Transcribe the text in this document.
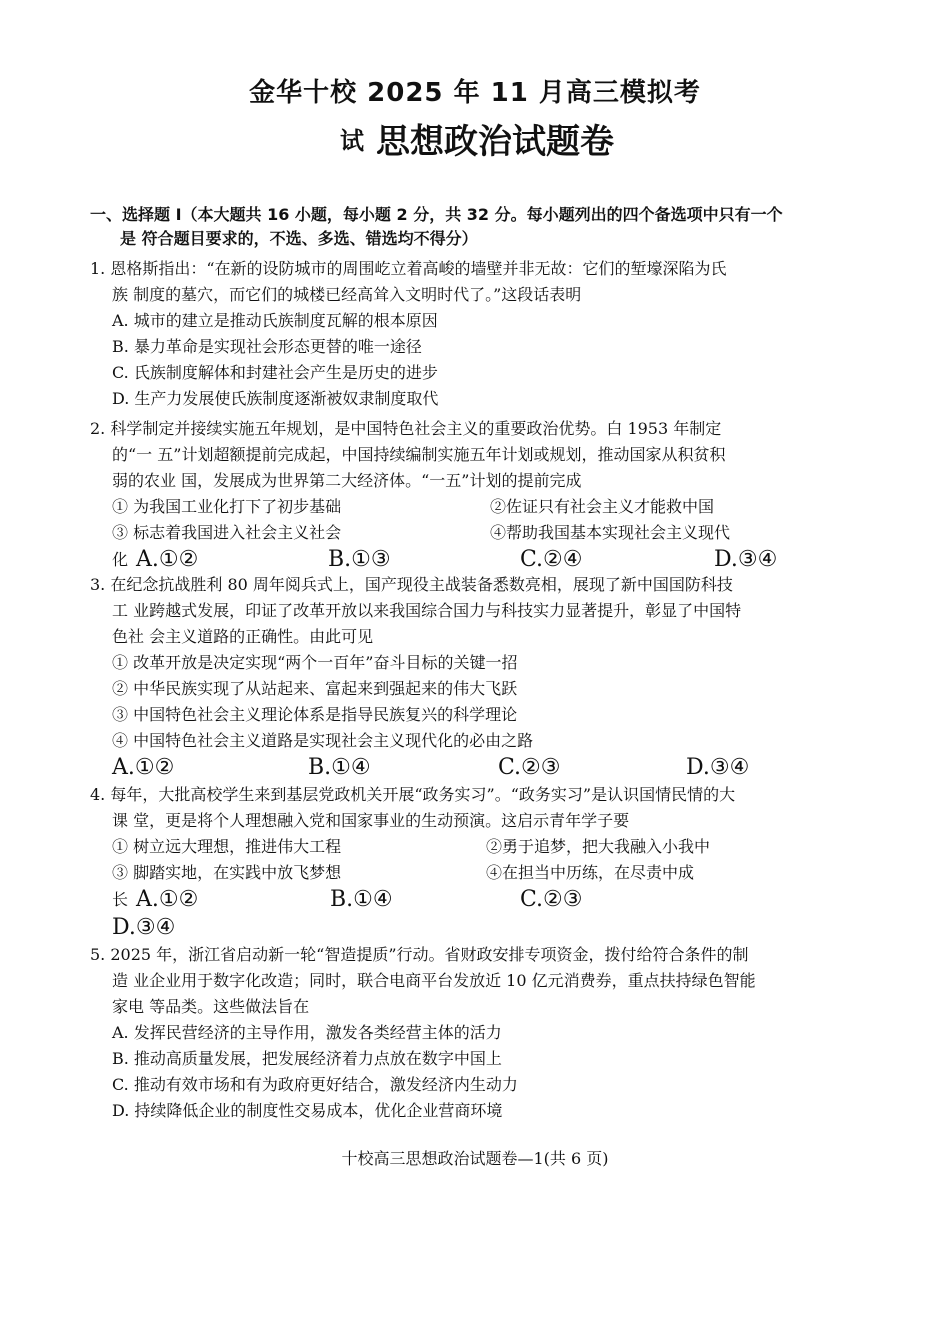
金华十校 2025 年 11 月高三模拟考
试 思想政治试题卷
一、选择题 I（本大题共 16 小题，每小题 2 分，共 32 分。每小题列出的四个备选项中只有一个
是 符合题目要求的，不选、多选、错选均不得分）
1. 恩格斯指出：“在新的设防城市的周围屹立着高峻的墙壁并非无故：它们的堑壕深陷为氏
族 制度的墓穴，而它们的城楼已经高耸入文明时代了。”这段话表明
A. 城市的建立是推动氏族制度瓦解的根本原因
B. 暴力革命是实现社会形态更替的唯一途径
C. 氏族制度解体和封建社会产生是历史的进步
D. 生产力发展使氏族制度逐渐被奴隶制度取代
2. 科学制定并接续实施五年规划，是中国特色社会主义的重要政治优势。白 1953 年制定
的“一 五”计划超额提前完成起，中国持续编制实施五年计划或规划，推动国家从积贫积
弱的农业 国，发展成为世界第二大经济体。“一五”计划的提前完成
① 为我国工业化打下了初步基础	②佐证只有社会主义才能救中国
③ 标志着我国进入社会主义社会	④帮助我国基本实现社会主义现代
化 A.①②	B.①③	C.②④	D.③④
3. 在纪念抗战胜利 80 周年阅兵式上，国产现役主战装备悉数亮相，展现了新中国国防科技
工 业跨越式发展，印证了改革开放以来我国综合国力与科技实力显著提升，彰显了中国特
色社 会主义道路的正确性。由此可见
① 改革开放是决定实现“两个一百年”奋斗目标的关键一招
② 中华民族实现了从站起来、富起来到强起来的伟大飞跃
③ 中国特色社会主义理论体系是指导民族复兴的科学理论
④ 中国特色社会主义道路是实现社会主义现代化的必由之路
A.①②	B.①④	C.②③	D.③④
4. 每年，大批高校学生来到基层党政机关开展“政务实习”。“政务实习”是认识国情民情的大
课 堂，更是将个人理想融入党和国家事业的生动预演。这启示青年学子要
① 树立远大理想，推进伟大工程	②勇于追梦，把大我融入小我中
③ 脚踏实地，在实践中放飞梦想	④在担当中历练，在尽责中成
长 A.①②	B.①④	C.②③
D.③④
5. 2025 年，浙江省启动新一轮“智造提质”行动。省财政安排专项资金，拨付给符合条件的制
造 业企业用于数字化改造；同时，联合电商平台发放近 10 亿元消费券，重点扶持绿色智能
家电 等品类。这些做法旨在
A. 发挥民营经济的主导作用，激发各类经营主体的活力
B. 推动高质量发展，把发展经济着力点放在数字中国上
C. 推动有效市场和有为政府更好结合，激发经济内生动力
D. 持续降低企业的制度性交易成本，优化企业营商环境
十校高三思想政治试题卷—1(共 6 页)
